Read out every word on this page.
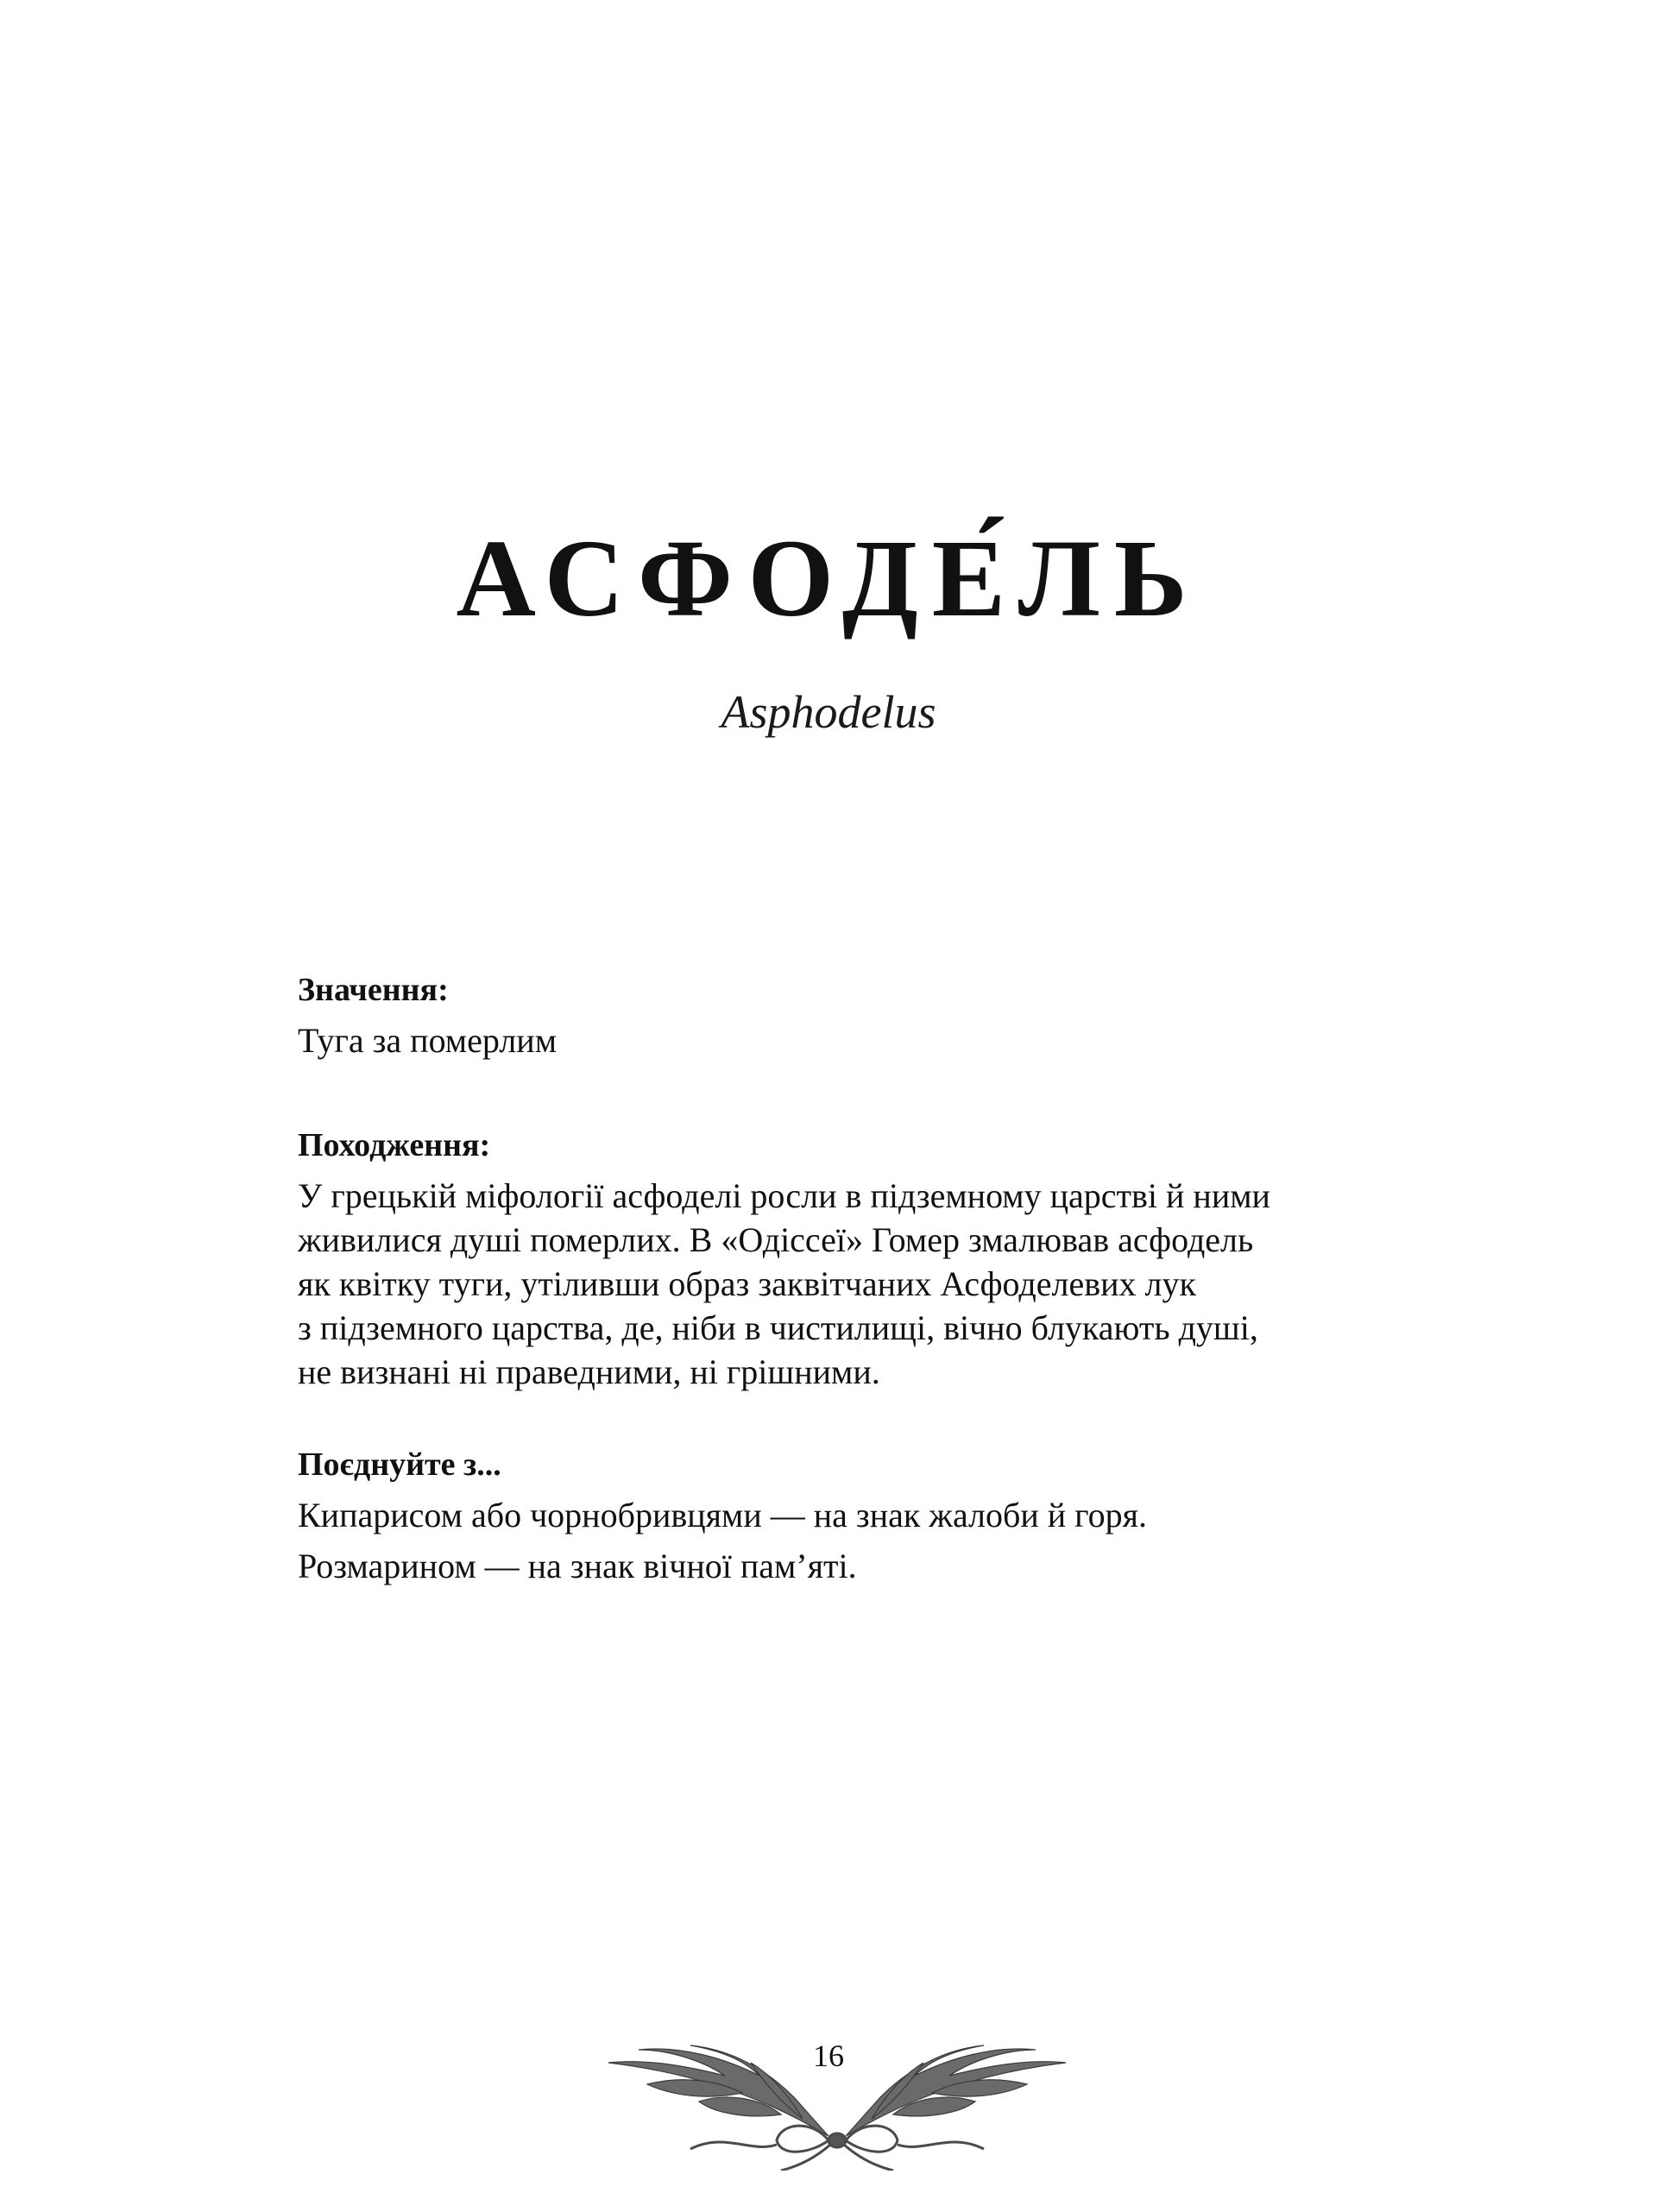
АСФОДЕ́ЛЬ
Asphodelus

Значення:

Туга за померлим

Походження:

У грецькій міфології асфоделі росли в підземному царстві й ними

живилися душі померлих. В «Одіссеї» Гомер змалював асфодель

як квітку туги, утіливши образ заквітчаних Асфоделевих лук

з підземного царства, де, ніби в чистилищі, вічно блукають душі,

не визнані ні праведними, ні грішними.

Поєднуйте з...

Кипарисом або чорнобривцями — на знак жалоби й горя.

Розмарином — на знак вічної пам’яті.

16
